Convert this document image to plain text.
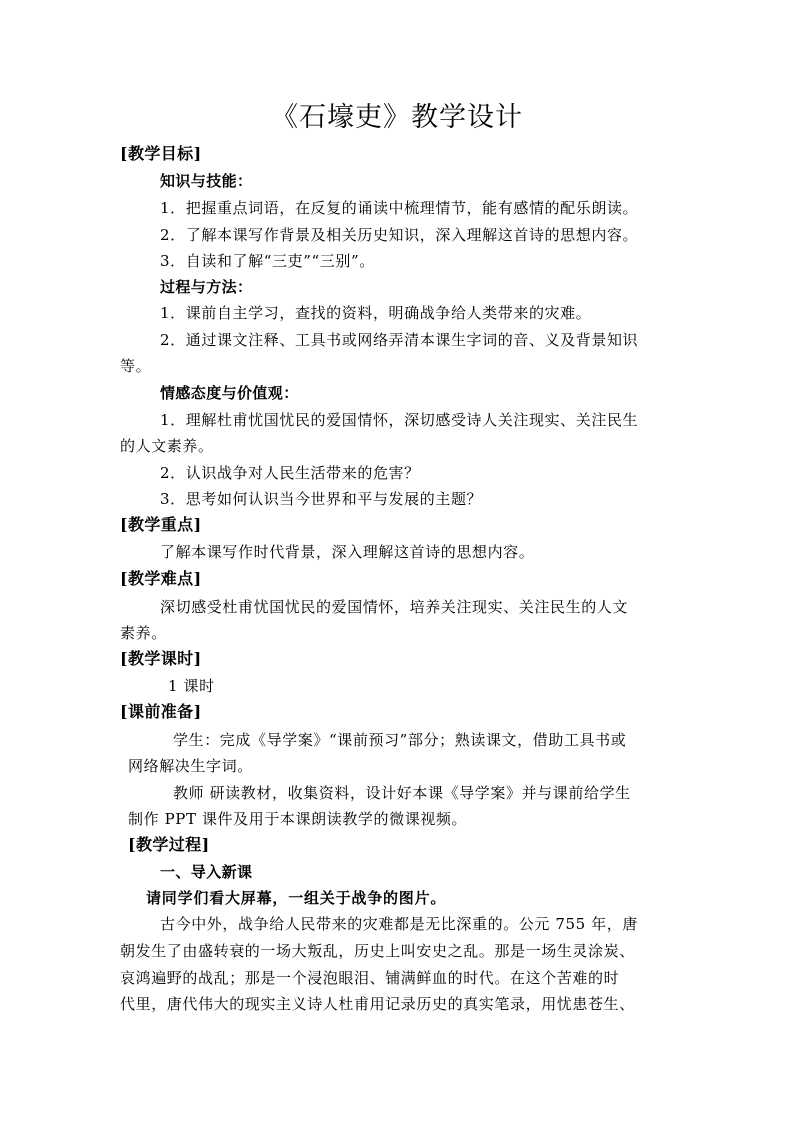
《石壕吏》教学设计
[教学目标]
知识与技能：
1．把握重点词语，在反复的诵读中梳理情节，能有感情的配乐朗读。
2．了解本课写作背景及相关历史知识，深入理解这首诗的思想内容。
3．自读和了解“三吏”“三别”。
过程与方法：
1．课前自主学习，查找的资料，明确战争给人类带来的灾难。
2．通过课文注释、工具书或网络弄清本课生字词的音、义及背景知识
等。
情感态度与价值观：
1．理解杜甫忧国忧民的爱国情怀，深切感受诗人关注现实、关注民生
的人文素养。
2．认识战争对人民生活带来的危害？
3．思考如何认识当今世界和平与发展的主题？
[教学重点]
了解本课写作时代背景，深入理解这首诗的思想内容。
[教学难点]
深切感受杜甫忧国忧民的爱国情怀，培养关注现实、关注民生的人文
素养。
[教学课时]
1 课时
[课前准备]
学生：完成《导学案》“课前预习”部分；熟读课文，借助工具书或
网络解决生字词。
教师 研读教材，收集资料，设计好本课《导学案》并与课前给学生
制作 PPT 课件及用于本课朗读教学的微课视频。
[教学过程]
一、导入新课
请同学们看大屏幕，一组关于战争的图片。
古今中外，战争给人民带来的灾难都是无比深重的。公元 755 年，唐
朝发生了由盛转衰的一场大叛乱，历史上叫安史之乱。那是一场生灵涂炭、
哀鸿遍野的战乱；那是一个浸泡眼泪、铺满鲜血的时代。在这个苦难的时
代里，唐代伟大的现实主义诗人杜甫用记录历史的真实笔录，用忧患苍生、
